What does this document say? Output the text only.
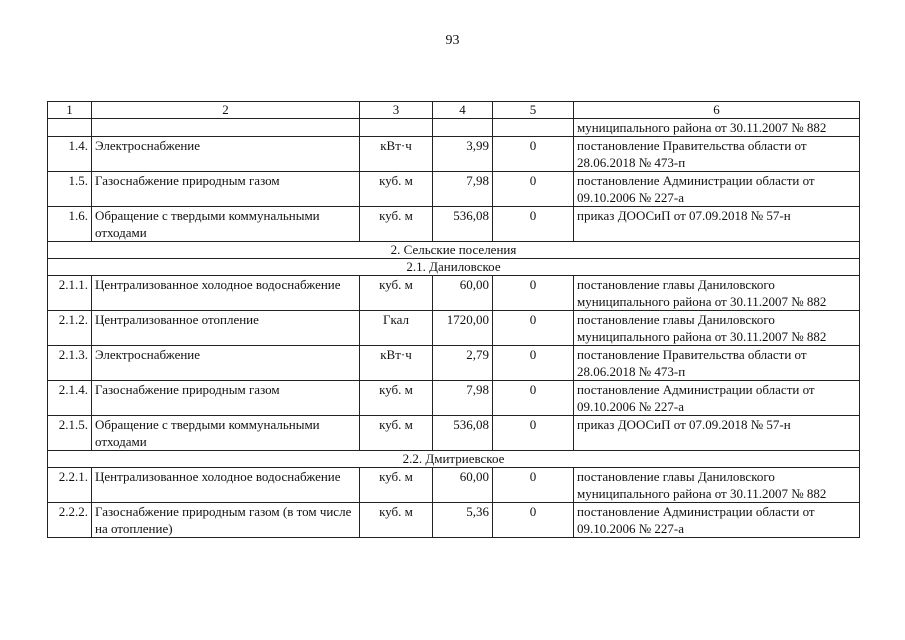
93
1	2	3	4	5	6
					муниципального района от 30.11.2007 № 882
1.4.	Электроснабжение	кВт·ч	3,99	0	постановление Правительства области от 28.06.2018 № 473-п
1.5.	Газоснабжение природным газом	куб. м	7,98	0	постановление Администрации области от 09.10.2006 № 227-а
1.6.	Обращение с твердыми коммунальными отходами	куб. м	536,08	0	приказ ДООСиП от 07.09.2018 № 57-н
2. Сельские поселения					
2.1. Даниловское					
2.1.1.	Централизованное холодное водоснабжение	куб. м	60,00	0	постановление главы Даниловского муниципального района от 30.11.2007 № 882
2.1.2.	Централизованное отопление	Гкал	1720,00	0	постановление главы Даниловского муниципального района от 30.11.2007 № 882
2.1.3.	Электроснабжение	кВт·ч	2,79	0	постановление Правительства области от 28.06.2018 № 473-п
2.1.4.	Газоснабжение природным газом	куб. м	7,98	0	постановление Администрации области от 09.10.2006 № 227-а
2.1.5.	Обращение с твердыми коммунальными отходами	куб. м	536,08	0	приказ ДООСиП от 07.09.2018 № 57-н
2.2. Дмитриевское					
2.2.1.	Централизованное холодное водоснабжение	куб. м	60,00	0	постановление главы Даниловского муниципального района от 30.11.2007 № 882
2.2.2.	Газоснабжение природным газом (в том числе на отопление)	куб. м	5,36	0	постановление Администрации области от 09.10.2006 № 227-а
